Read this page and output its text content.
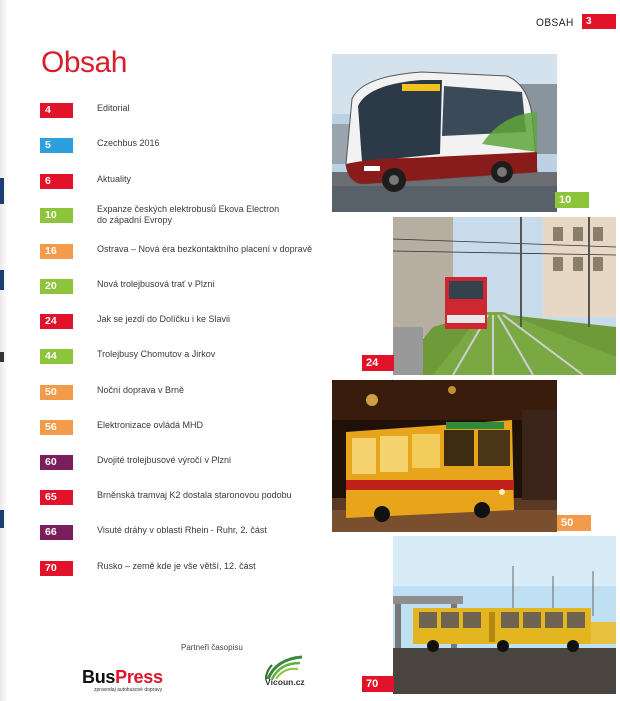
OBSAH	3
Obsah
4	Editorial
5	Czechbus 2016
6	Aktuality
10	Expanze českých elektrobusů Ekova Electron
do západní Evropy
16	Ostrava – Nová éra bezkontaktního placení v dopravě
20	Nová trolejbusová trať v Plzni
24	Jak se jezdí do Dolíčku i ke Slavii
44	Trolejbusy Chomutov a Jirkov
50	Noční doprava v Brně
56	Elektronizace ovládá MHD
60	Dvojité trolejbusové výročí v Plzni
65	Brněnská tramvaj K2 dostala staronovou podobu
66	Visuté dráhy v oblasti Rhein - Ruhr, 2. část
70	Rusko – země kde je vše větší, 12. část
10
24
50
70
Partneři časopisu
BusPress
zpravodaj autobusové dopravy
Vícoun.cz
